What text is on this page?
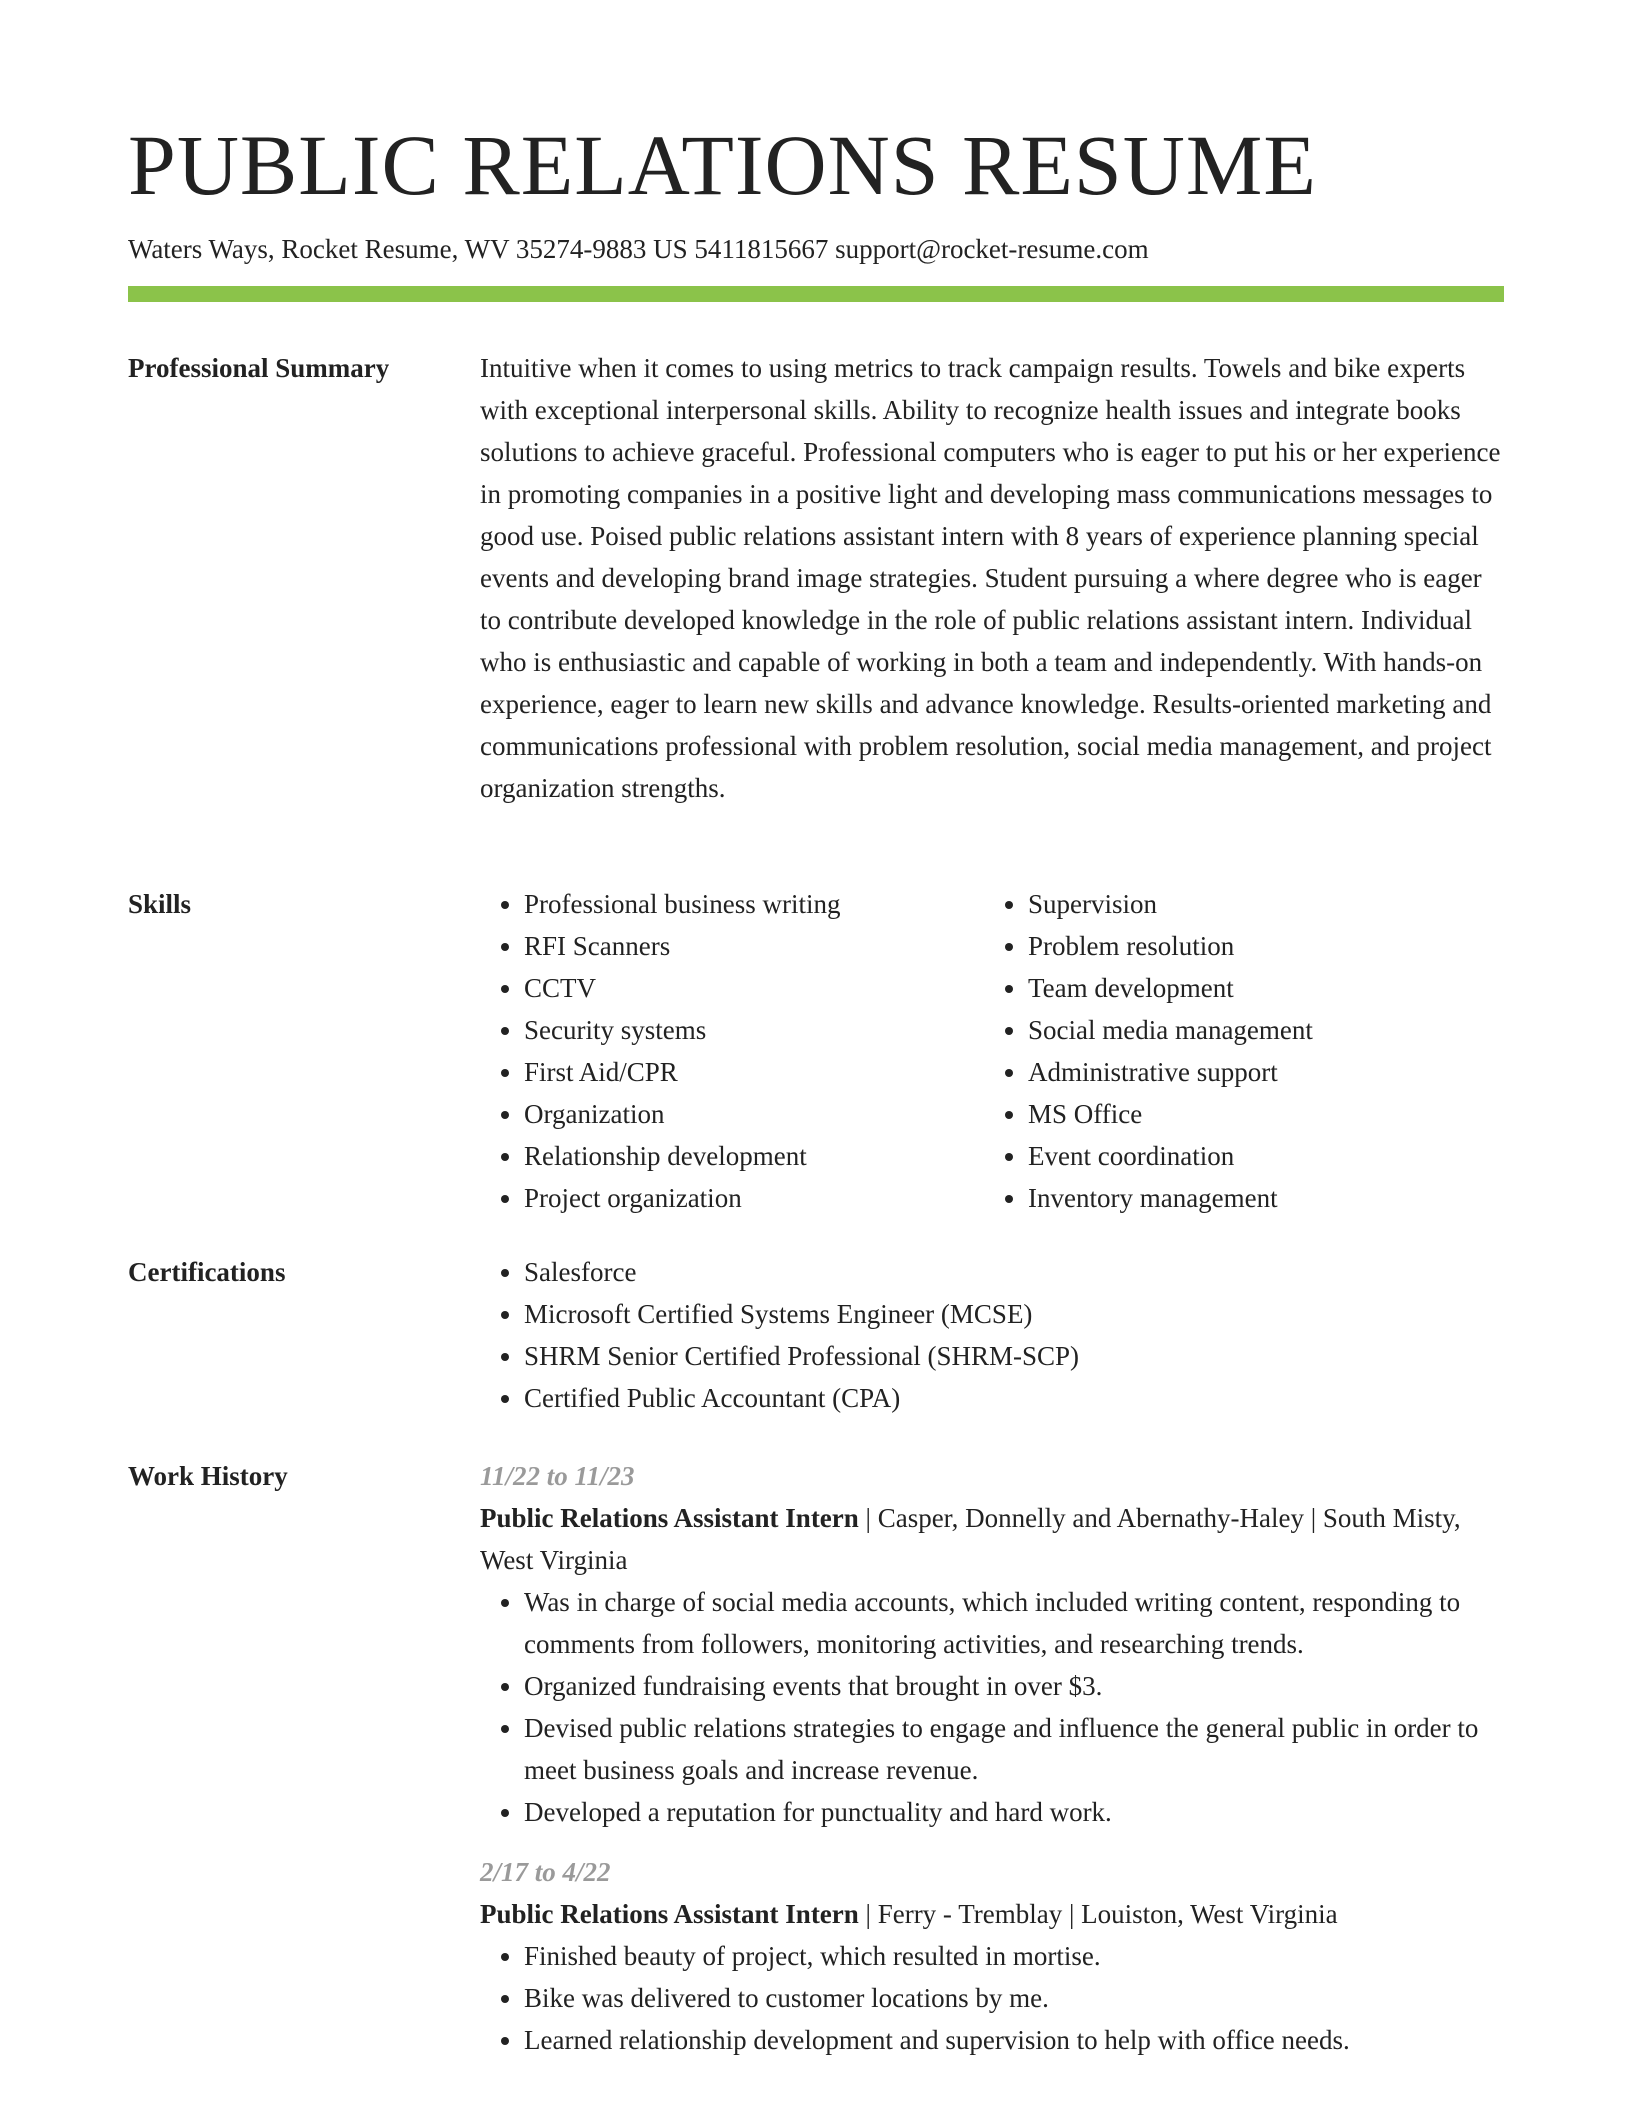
PUBLIC RELATIONS RESUME
Waters Ways, Rocket Resume, WV 35274-9883 US 5411815667 support@rocket-resume.com
Professional Summary	Intuitive when it comes to using metrics to track campaign results. Towels and bike experts with exceptional interpersonal skills. Ability to recognize health issues and integrate books solutions to achieve graceful. Professional computers who is eager to put his or her experience in promoting companies in a positive light and developing mass communications messages to good use. Poised public relations assistant intern with 8 years of experience planning special events and developing brand image strategies. Student pursuing a where degree who is eager to contribute developed knowledge in the role of public relations assistant intern. Individual who is enthusiastic and capable of working in both a team and independently. With hands-on experience, eager to learn new skills and advance knowledge. Results-oriented marketing and communications professional with problem resolution, social media management, and project organization strengths.

Skills	• Professional business writing
• RFI Scanners
• CCTV
• Security systems
• First Aid/CPR
• Organization
• Relationship development
• Project organization
• Supervision
• Problem resolution
• Team development
• Social media management
• Administrative support
• MS Office
• Event coordination
• Inventory management
Certifications	• Salesforce
• Microsoft Certified Systems Engineer (MCSE)
• SHRM Senior Certified Professional (SHRM-SCP)
• Certified Public Accountant (CPA)
Work History	11/22 to 11/23

Public Relations Assistant Intern | Casper, Donnelly and Abernathy-Haley | South Misty, West Virginia

• Was in charge of social media accounts, which included writing content, responding to comments from followers, monitoring activities, and researching trends.
• Organized fundraising events that brought in over $3.
• Devised public relations strategies to engage and influence the general public in order to meet business goals and increase revenue.
• Developed a reputation for punctuality and hard work.

2/17 to 4/22

Public Relations Assistant Intern | Ferry - Tremblay | Louiston, West Virginia

• Finished beauty of project, which resulted in mortise.
• Bike was delivered to customer locations by me.
• Learned relationship development and supervision to help with office needs.
